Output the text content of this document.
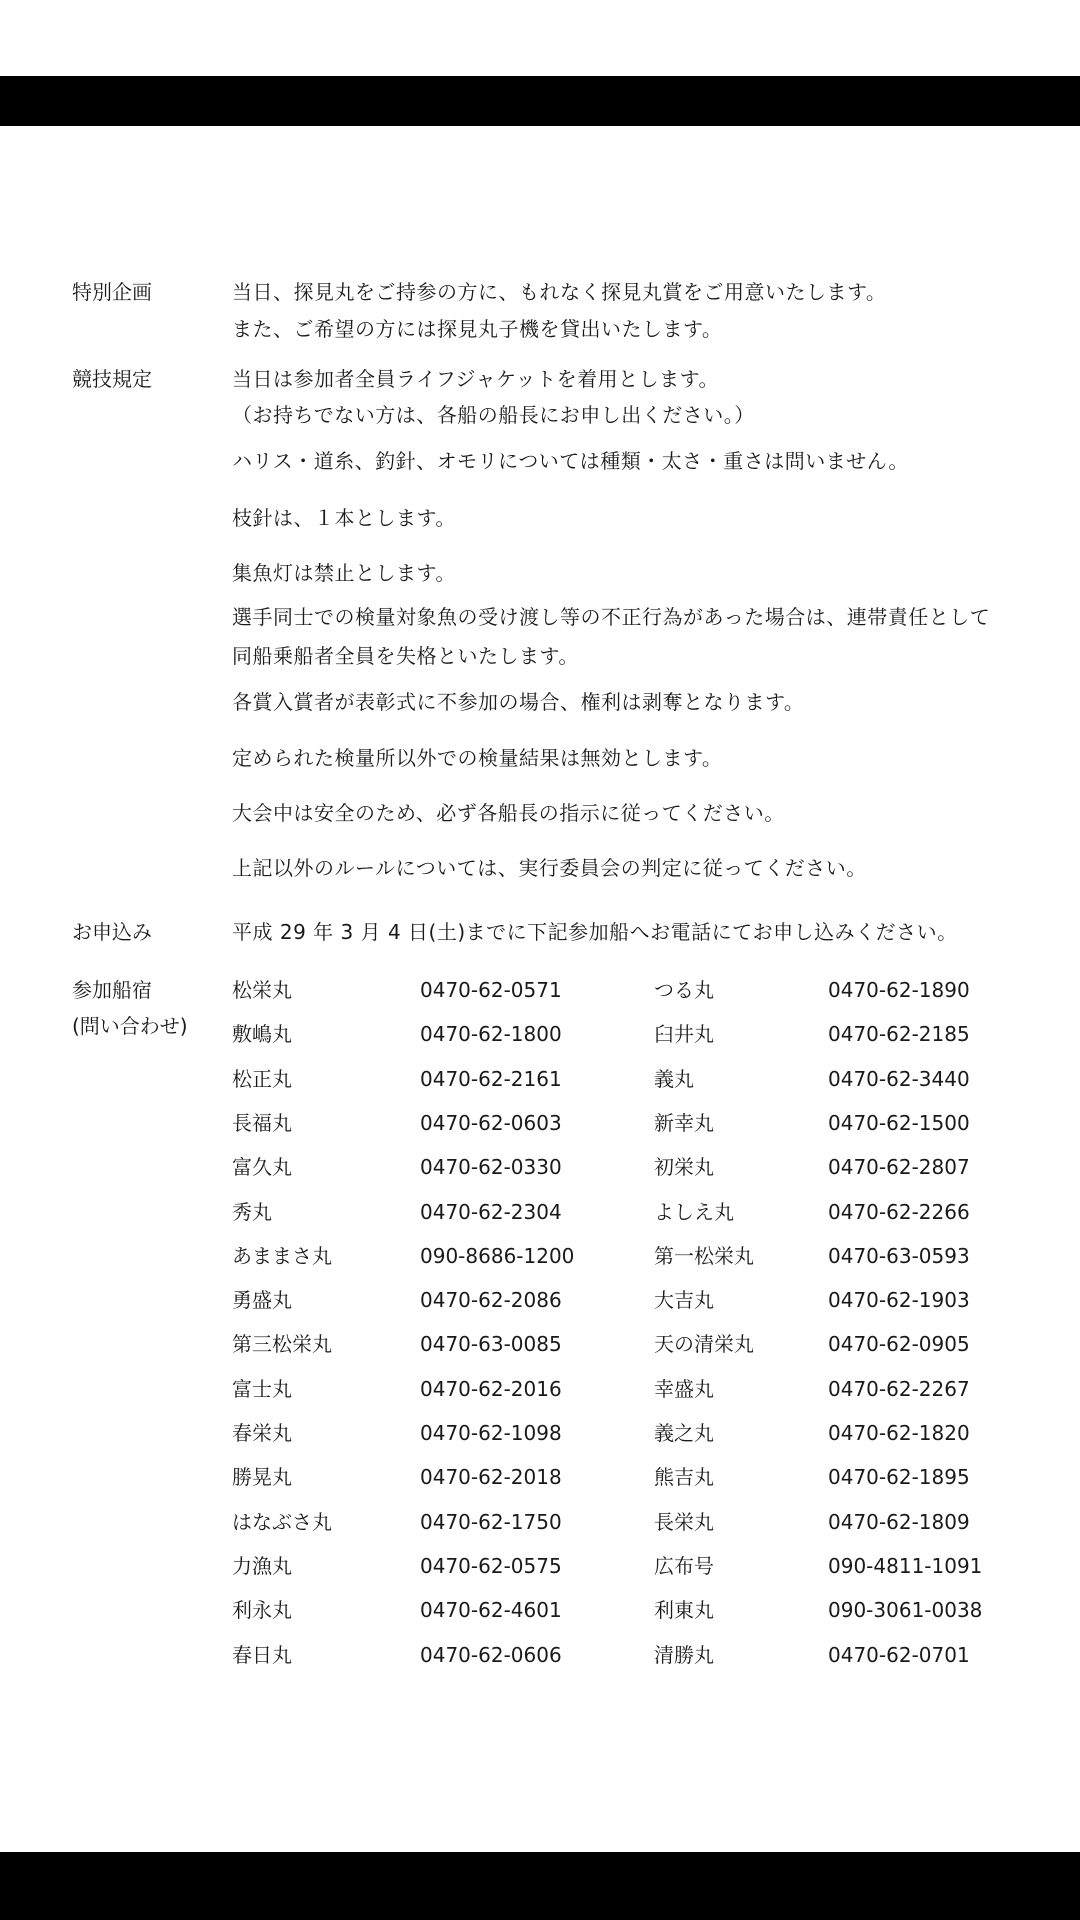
特別企画	当日、探見丸をご持参の方に、もれなく探見丸賞をご用意いたします。
また、ご希望の方には探見丸子機を貸出いたします。
競技規定	当日は参加者全員ライフジャケットを着用とします。
（お持ちでない方は、各船の船長にお申し出ください。）
ハリス・道糸、釣針、オモリについては種類・太さ・重さは問いません。
枝針は、１本とします。
集魚灯は禁止とします。
選手同士での検量対象魚の受け渡し等の不正行為があった場合は、連帯責任として
同船乗船者全員を失格といたします。
各賞入賞者が表彰式に不参加の場合、権利は剥奪となります。
定められた検量所以外での検量結果は無効とします。
大会中は安全のため、必ず各船長の指示に従ってください。
上記以外のルールについては、実行委員会の判定に従ってください。
お申込み	平成 29 年 3 月 4 日(土)までに下記参加船へお電話にてお申し込みください。
参加船宿
(問い合わせ)
松栄丸	0470-62-0571	つる丸	0470-62-1890
敷嶋丸	0470-62-1800	臼井丸	0470-62-2185
松正丸	0470-62-2161	義丸	0470-62-3440
長福丸	0470-62-0603	新幸丸	0470-62-1500
富久丸	0470-62-0330	初栄丸	0470-62-2807
秀丸	0470-62-2304	よしえ丸	0470-62-2266
あままさ丸	090-8686-1200	第一松栄丸	0470-63-0593
勇盛丸	0470-62-2086	大吉丸	0470-62-1903
第三松栄丸	0470-63-0085	天の清栄丸	0470-62-0905
富士丸	0470-62-2016	幸盛丸	0470-62-2267
春栄丸	0470-62-1098	義之丸	0470-62-1820
勝晃丸	0470-62-2018	熊吉丸	0470-62-1895
はなぶさ丸	0470-62-1750	長栄丸	0470-62-1809
力漁丸	0470-62-0575	広布号	090-4811-1091
利永丸	0470-62-4601	利東丸	090-3061-0038
春日丸	0470-62-0606	清勝丸	0470-62-0701
